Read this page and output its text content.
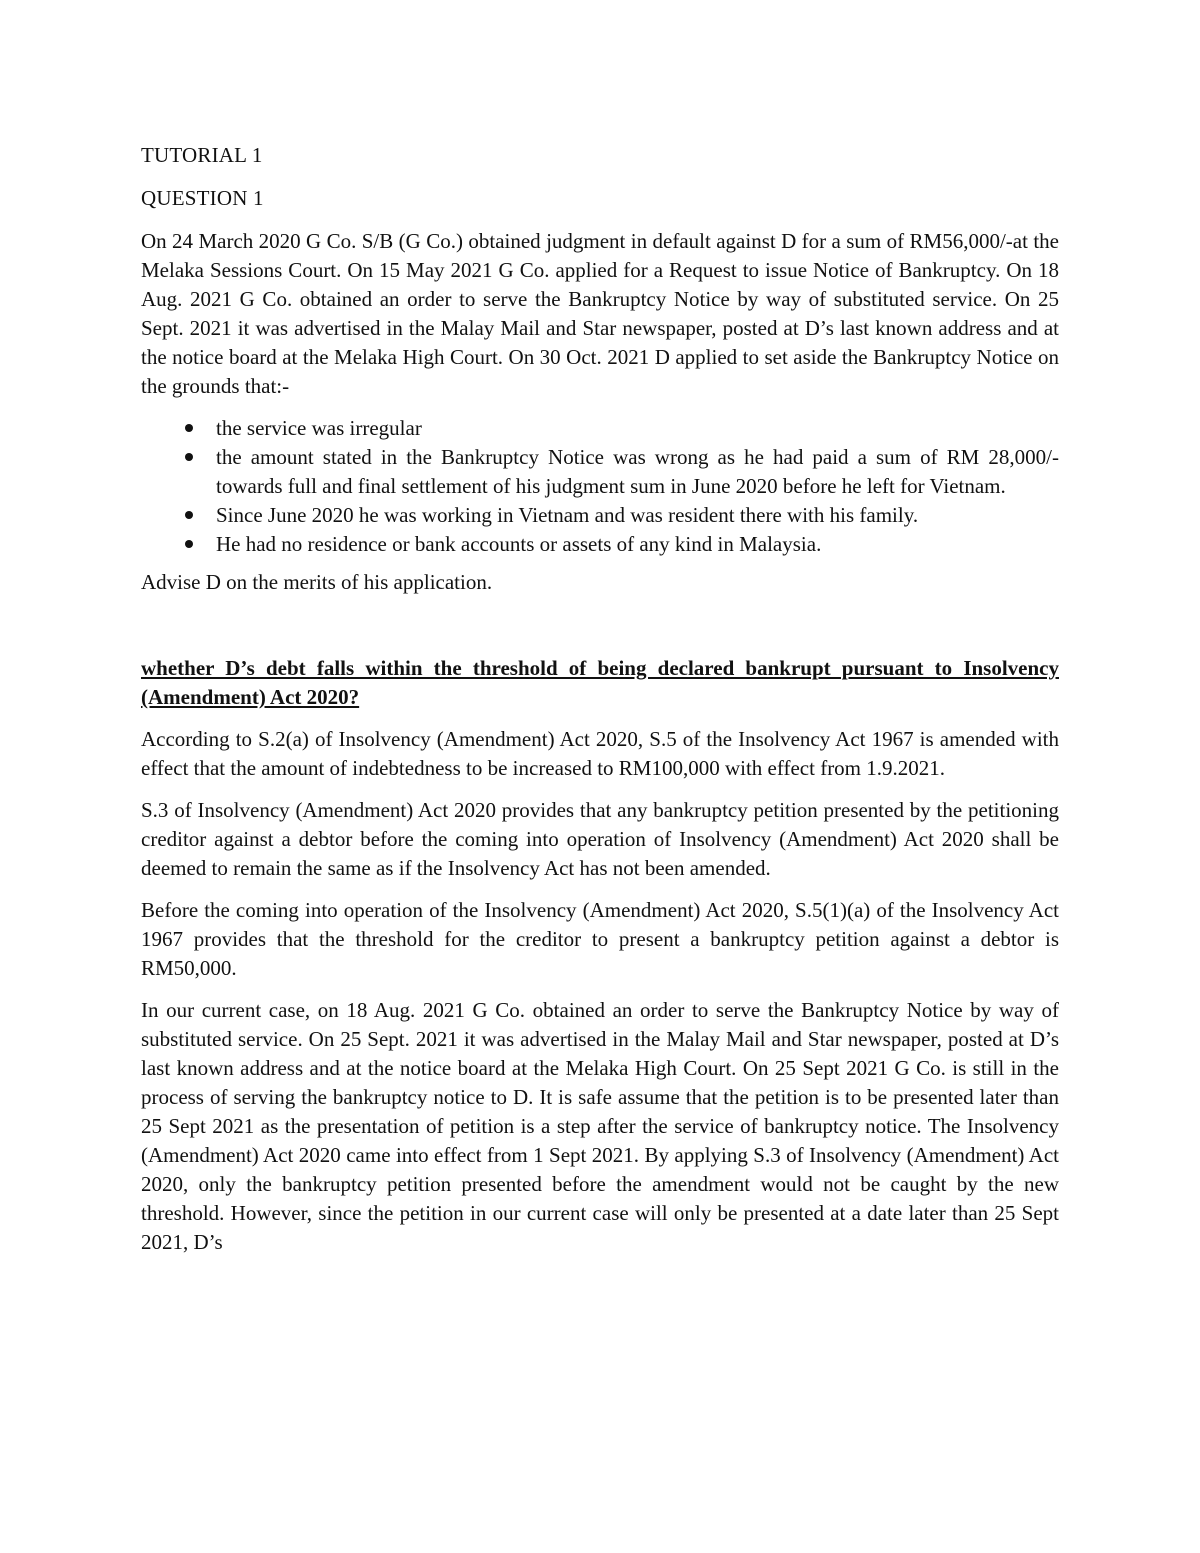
TUTORIAL 1
QUESTION 1

On 24 March 2020 G Co. S/B (G Co.) obtained judgment in default against D for a sum of RM56,000/-at the Melaka Sessions Court. On 15 May 2021 G Co. applied for a Request to issue Notice of Bankruptcy. On 18 Aug. 2021 G Co. obtained an order to serve the Bankruptcy Notice by way of substituted service. On 25 Sept. 2021 it was advertised in the Malay Mail and Star newspaper, posted at D’s last known address and at the notice board at the Melaka High Court. On 30 Oct. 2021 D applied to set aside the Bankruptcy Notice on the grounds that:-

the service was irregular
the amount stated in the Bankruptcy Notice was wrong as he had paid a sum of RM 28,000/- towards full and final settlement of his judgment sum in June 2020 before he left for Vietnam.
Since June 2020 he was working in Vietnam and was resident there with his family.
He had no residence or bank accounts or assets of any kind in Malaysia.

Advise D on the merits of his application.

whether D’s debt falls within the threshold of being declared bankrupt pursuant to Insolvency (Amendment) Act 2020?

According to S.2(a) of Insolvency (Amendment) Act 2020, S.5 of the Insolvency Act 1967 is amended with effect that the amount of indebtedness to be increased to RM100,000 with effect from 1.9.2021.

S.3 of Insolvency (Amendment) Act 2020 provides that any bankruptcy petition presented by the petitioning creditor against a debtor before the coming into operation of Insolvency (Amendment) Act 2020 shall be deemed to remain the same as if the Insolvency Act has not been amended.

Before the coming into operation of the Insolvency (Amendment) Act 2020, S.5(1)(a) of the Insolvency Act 1967 provides that the threshold for the creditor to present a bankruptcy petition against a debtor is RM50,000.

In our current case, on 18 Aug. 2021 G Co. obtained an order to serve the Bankruptcy Notice by way of substituted service. On 25 Sept. 2021 it was advertised in the Malay Mail and Star newspaper, posted at D’s last known address and at the notice board at the Melaka High Court. On 25 Sept 2021 G Co. is still in the process of serving the bankruptcy notice to D. It is safe assume that the petition is to be presented later than 25 Sept 2021 as the presentation of petition is a step after the service of bankruptcy notice. The Insolvency (Amendment) Act 2020 came into effect from 1 Sept 2021. By applying S.3 of Insolvency (Amendment) Act 2020, only the bankruptcy petition presented before the amendment would not be caught by the new threshold. However, since the petition in our current case will only be presented at a date later than 25 Sept 2021, D’s
